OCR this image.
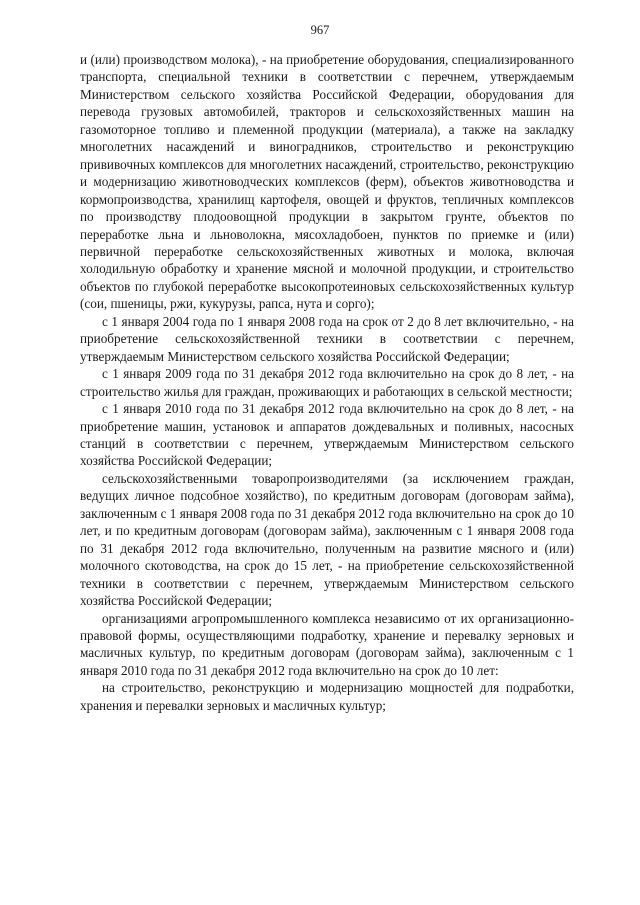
967

и (или) производством молока), - на приобретение оборудования, специализированного транспорта, специальной техники в соответствии с перечнем, утверждаемым Министерством сельского хозяйства Российской Федерации, оборудования для перевода грузовых автомобилей, тракторов и сельскохозяйственных машин на газомоторное топливо и племенной продукции (материала), а также на закладку многолетних насаждений и виноградников, строительство и реконструкцию прививочных комплексов для многолетних насаждений, строительство, реконструкцию и модернизацию животноводческих комплексов (ферм), объектов животноводства и кормопроизводства, хранилищ картофеля, овощей и фруктов, тепличных комплексов по производству плодоовощной продукции в закрытом грунте, объектов по переработке льна и льноволокна, мясохладобоен, пунктов по приемке и (или) первичной переработке сельскохозяйственных животных и молока, включая холодильную обработку и хранение мясной и молочной продукции, и строительство объектов по глубокой переработке высокопротеиновых сельскохозяйственных культур (сои, пшеницы, ржи, кукурузы, рапса, нута и сорго);

с 1 января 2004 года по 1 января 2008 года на срок от 2 до 8 лет включительно, - на приобретение сельскохозяйственной техники в соответствии с перечнем, утверждаемым Министерством сельского хозяйства Российской Федерации;

с 1 января 2009 года по 31 декабря 2012 года включительно на срок до 8 лет, - на строительство жилья для граждан, проживающих и работающих в сельской местности;

с 1 января 2010 года по 31 декабря 2012 года включительно на срок до 8 лет, - на приобретение машин, установок и аппаратов дождевальных и поливных, насосных станций в соответствии с перечнем, утверждаемым Министерством сельского хозяйства Российской Федерации;

сельскохозяйственными товаропроизводителями (за исключением граждан, ведущих личное подсобное хозяйство), по кредитным договорам (договорам займа), заключенным с 1 января 2008 года по 31 декабря 2012 года включительно на срок до 10 лет, и по кредитным договорам (договорам займа), заключенным с 1 января 2008 года по 31 декабря 2012 года включительно, полученным на развитие мясного и (или) молочного скотоводства, на срок до 15 лет, - на приобретение сельскохозяйственной техники в соответствии с перечнем, утверждаемым Министерством сельского хозяйства Российской Федерации;

организациями агропромышленного комплекса независимо от их организационно-правовой формы, осуществляющими подработку, хранение и перевалку зерновых и масличных культур, по кредитным договорам (договорам займа), заключенным с 1 января 2010 года по 31 декабря 2012 года включительно на срок до 10 лет:

на строительство, реконструкцию и модернизацию мощностей для подработки, хранения и перевалки зерновых и масличных культур;
